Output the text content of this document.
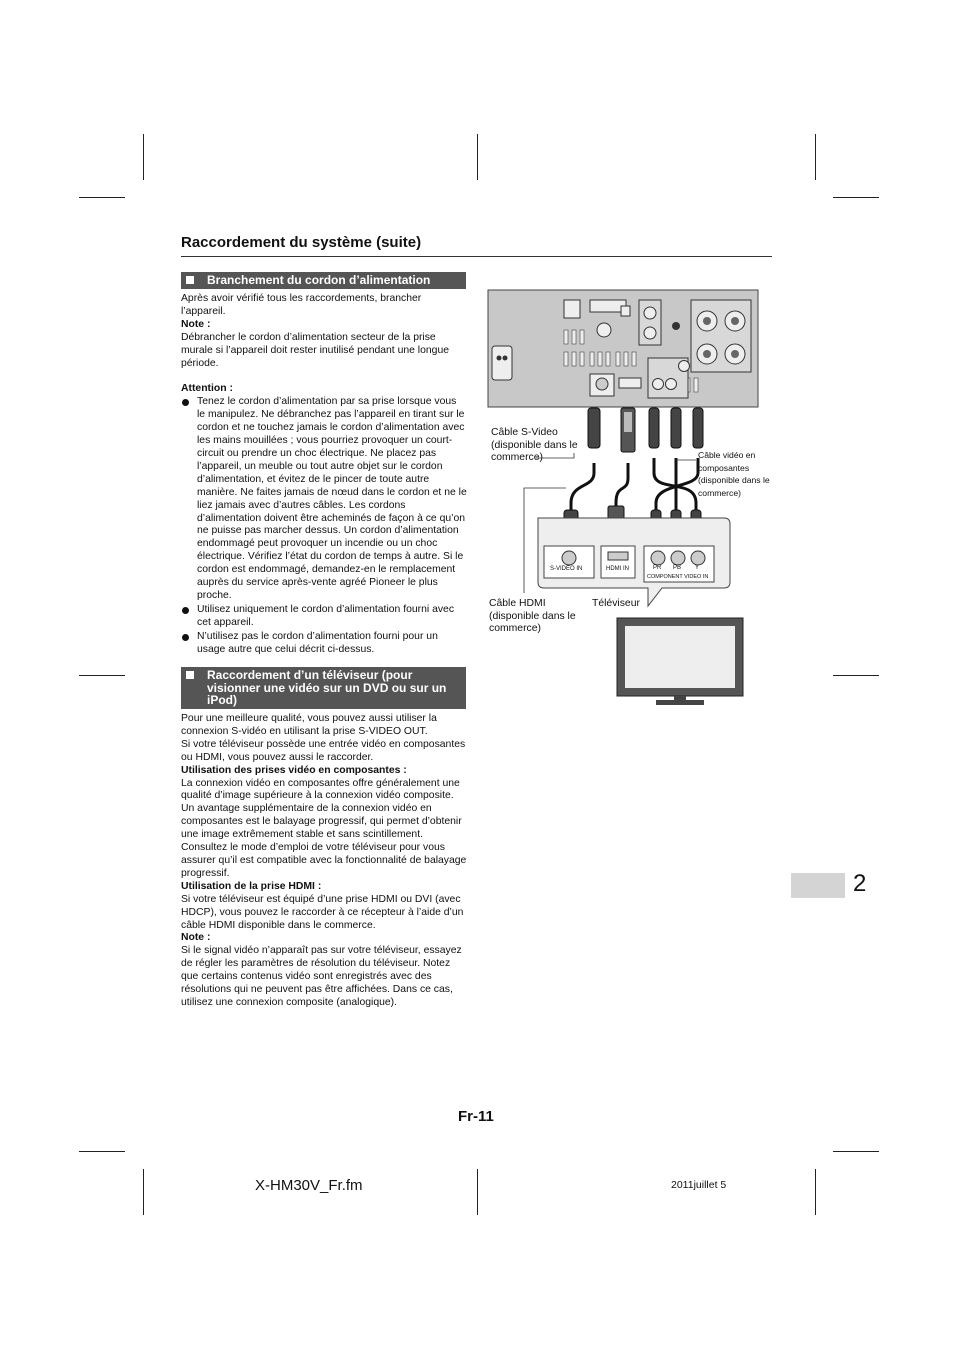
Raccordement du système (suite)
Branchement du cordon d’alimentation

Après avoir vérifié tous les raccordements, brancher l’appareil.

Note :

Débrancher le cordon d’alimentation secteur de la prise murale si l’appareil doit rester inutilisé pendant une longue période.

Attention :

Tenez le cordon d’alimentation par sa prise lorsque vous le manipulez. Ne débranchez pas l’appareil en tirant sur le cordon et ne touchez jamais le cordon d’alimentation avec les mains mouillées ; vous pourriez provoquer un court-circuit ou prendre un choc électrique. Ne placez pas l’appareil, un meuble ou tout autre objet sur le cordon d’alimentation, et évitez de le pincer de toute autre manière. Ne faites jamais de nœud dans le cordon et ne le liez jamais avec d’autres câbles. Les cordons d’alimentation doivent être acheminés de façon à ce qu’on ne puisse pas marcher dessus. Un cordon d’alimentation endommagé peut provoquer un incendie ou un choc électrique. Vérifiez l’état du cordon de temps à autre. Si le cordon est endommagé, demandez-en le remplacement auprès du service après-vente agréé Pioneer le plus proche.
Utilisez uniquement le cordon d’alimentation fourni avec cet appareil.
N’utilisez pas le cordon d’alimentation fourni pour un usage autre que celui décrit ci-dessus.
Raccordement d’un téléviseur (pour visionner une vidéo sur un DVD ou sur un iPod)

Pour une meilleure qualité, vous pouvez aussi utiliser la connexion S-vidéo en utilisant la prise S-VIDEO OUT.

Si votre téléviseur possède une entrée vidéo en composantes ou HDMI, vous pouvez aussi le raccorder.

Utilisation des prises vidéo en composantes :

La connexion vidéo en composantes offre généralement une qualité d’image supérieure à la connexion vidéo composite. Un avantage supplémentaire de la connexion vidéo en composantes est le balayage progressif, qui permet d’obtenir une image extrêmement stable et sans scintillement. Consultez le mode d’emploi de votre téléviseur pour vous assurer qu’il est compatible avec la fonctionnalité de balayage progressif.

Utilisation de la prise HDMI :

Si votre téléviseur est équipé d’une prise HDMI ou DVI (avec HDCP), vous pouvez le raccorder à ce récepteur à l’aide d’un câble HDMI disponible dans le commerce.

Note :

Si le signal vidéo n’apparaît pas sur votre téléviseur, essayez de régler les paramètres de résolution du téléviseur. Notez que certains contenus vidéo sont enregistrés avec des résolutions qui ne peuvent pas être affichées. Dans ce cas, utilisez une connexion composite (analogique).

Câble S-Video (disponible dans le commerce)	Câble vidéo en composantes (disponible dans le commerce)
Câble HDMI (disponible dans le commerce)
Téléviseur
S-VIDEO IN	HDMI IN	PR PB Y
COMPONENT VIDEO IN
2
Fr-11
X-HM30V_Fr.fm	2011juillet 5
